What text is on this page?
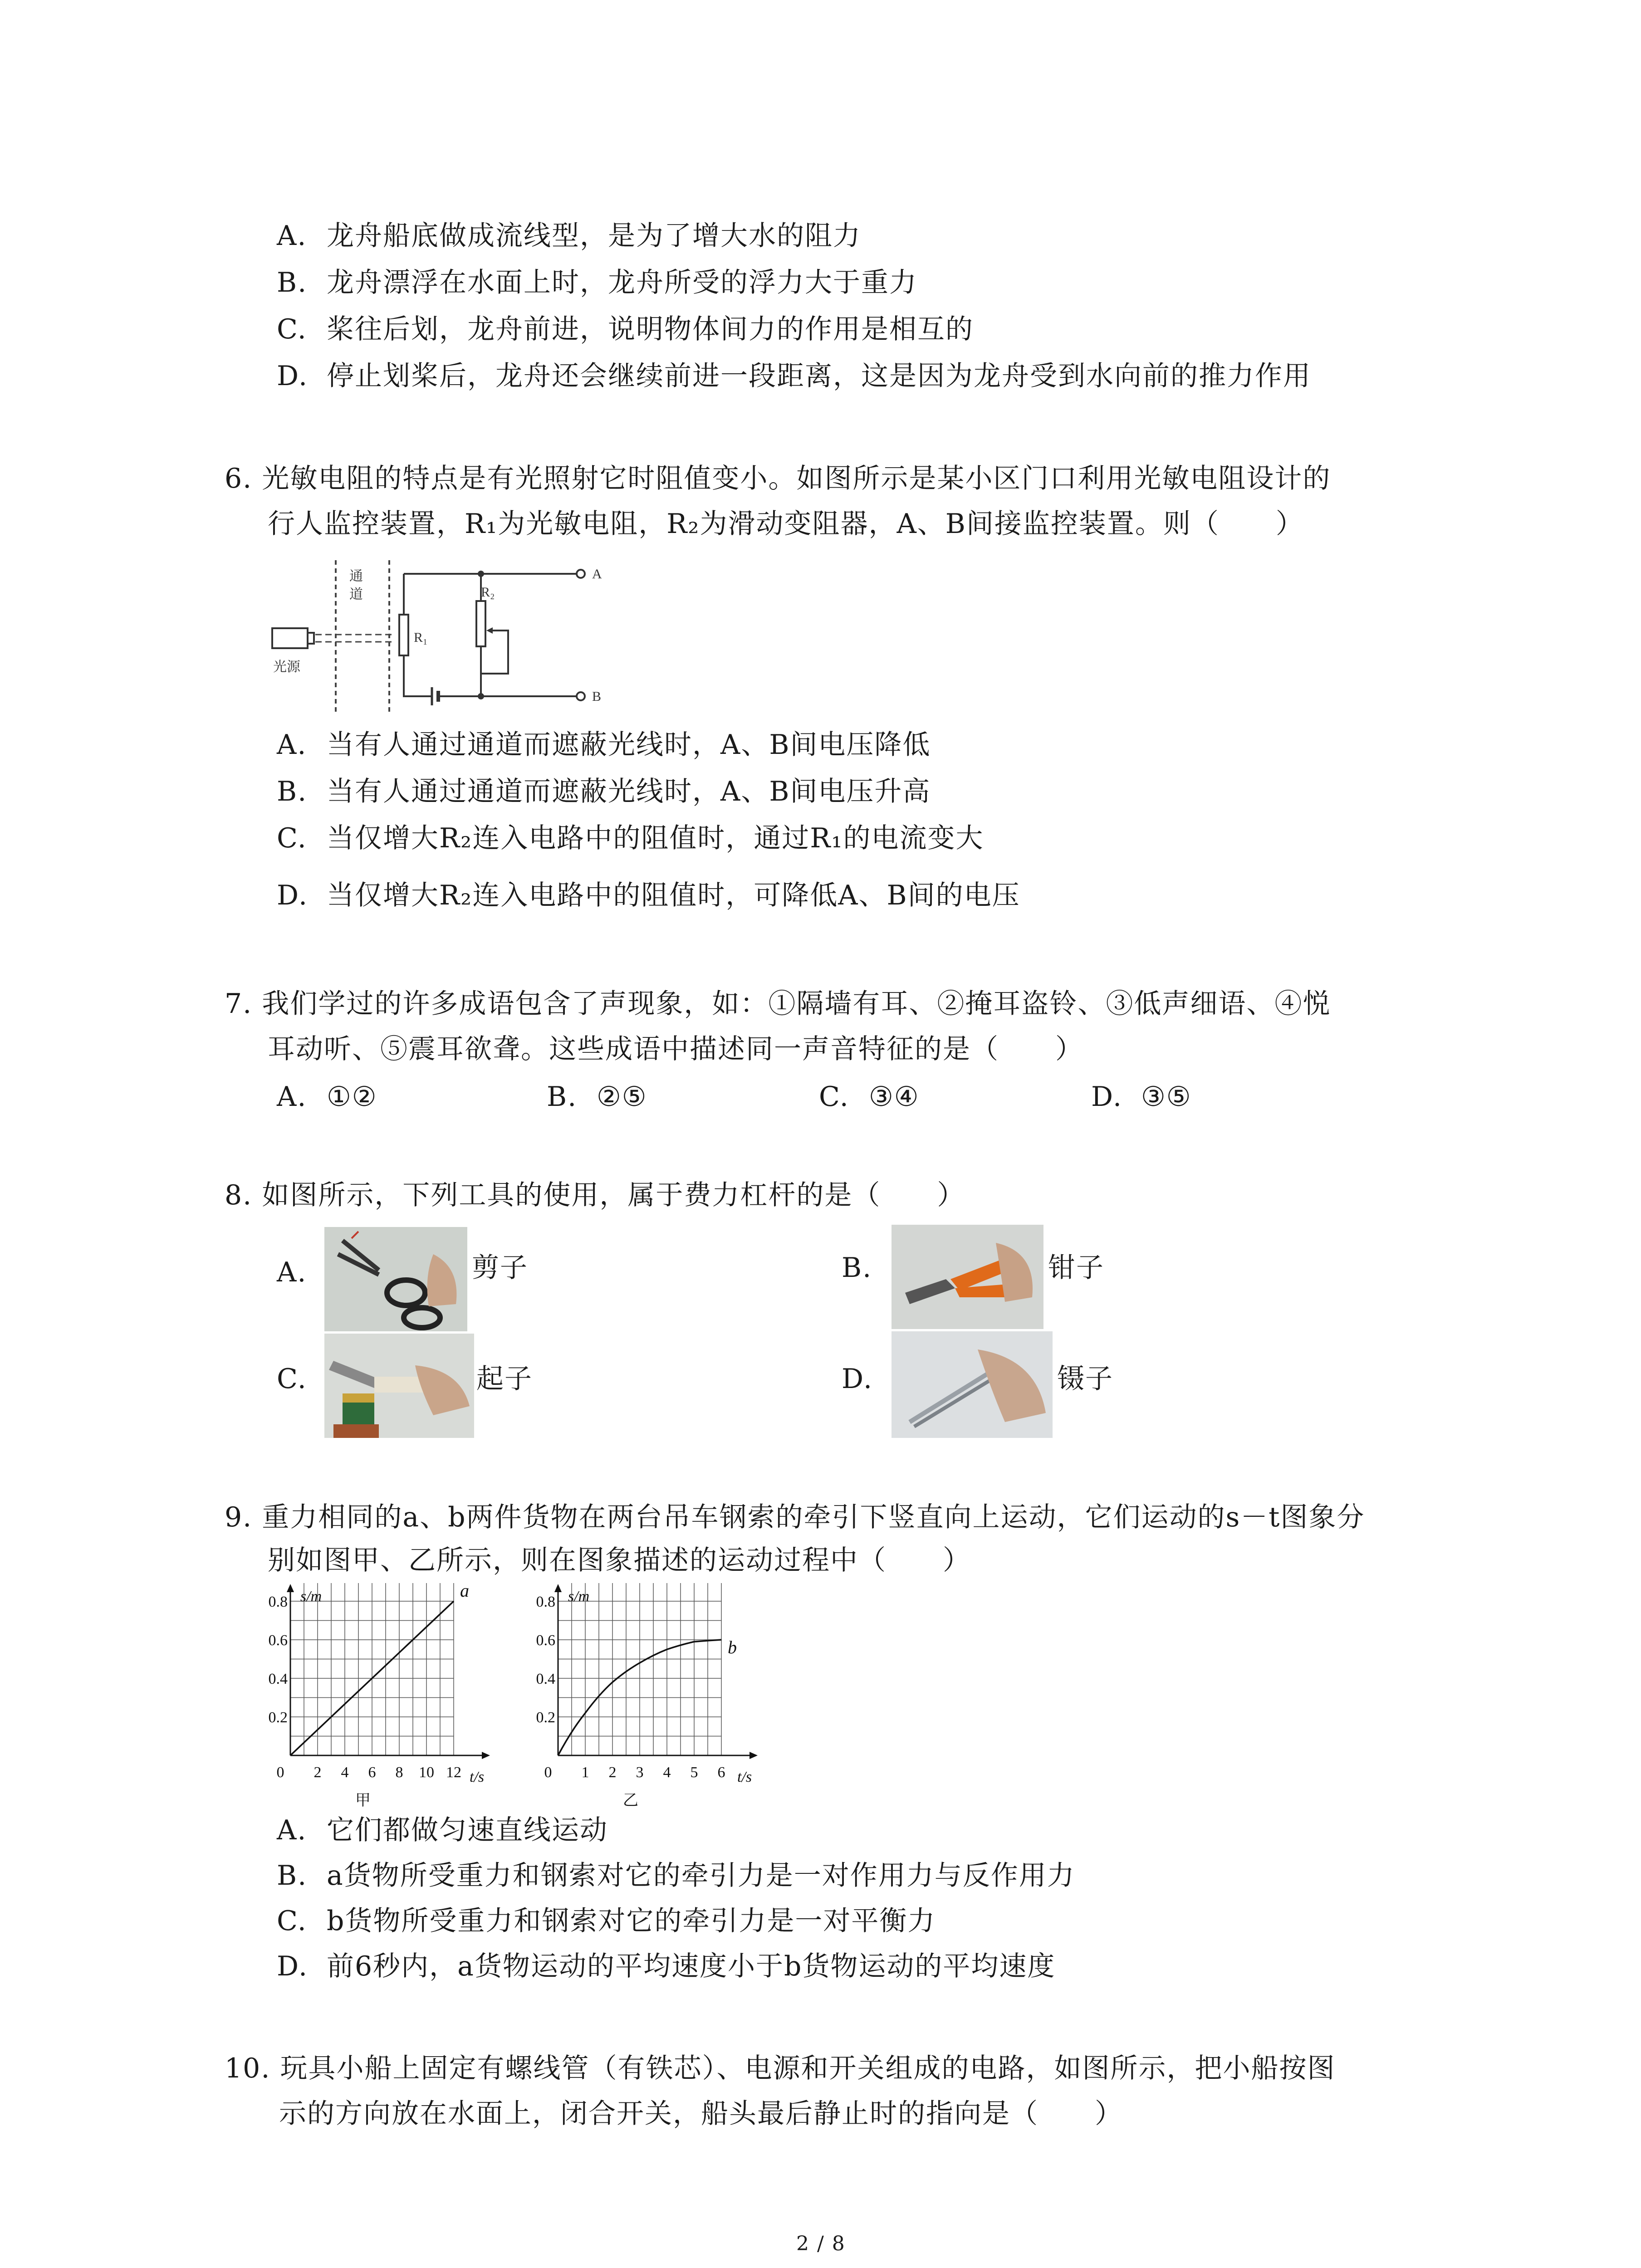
A. 龙舟船底做成流线型，是为了增大水的阻力
B. 龙舟漂浮在水面上时，龙舟所受的浮力大于重力
C. 桨往后划，龙舟前进，说明物体间力的作用是相互的
D. 停止划桨后，龙舟还会继续前进一段距离，这是因为龙舟受到水向前的推力作用
6. 光敏电阻的特点是有光照射它时阻值变小。如图所示是某小区门口利用光敏电阻设计的
行人监控装置，R₁为光敏电阻，R₂为滑动变阻器，A、B间接监控装置。则（　　）
通
道
光源
R₁
R₂
A
B
A. 当有人通过通道而遮蔽光线时，A、B间电压降低
B. 当有人通过通道而遮蔽光线时，A、B间电压升高
C. 当仅增大R₂连入电路中的阻值时，通过R₁的电流变大
D. 当仅增大R₂连入电路中的阻值时，可降低A、B间的电压
7. 我们学过的许多成语包含了声现象，如：①隔墙有耳、②掩耳盗铃、③低声细语、④悦
耳动听、⑤震耳欲聋。这些成语中描述同一声音特征的是（　　）
A. ①②	B. ②⑤	C. ③④	D. ③⑤
8. 如图所示，下列工具的使用，属于费力杠杆的是（　　）
A.	剪子	B.	钳子
C.	起子	D.	镊子
9. 重力相同的a、b两件货物在两台吊车钢索的牵引下竖直向上运动，它们运动的s－t图象分
别如图甲、乙所示，则在图象描述的运动过程中（　　）
0.2
0.4
0.6
0.8
2 4 6 8 10 12
0
s/m
t/s
甲
a
0.2
0.4
0.6
0.8
1 2 3 4 5 6
0
s/m
t/s
乙
b
A. 它们都做匀速直线运动
B. a货物所受重力和钢索对它的牵引力是一对作用力与反作用力
C. b货物所受重力和钢索对它的牵引力是一对平衡力
D. 前6秒内，a货物运动的平均速度小于b货物运动的平均速度
10. 玩具小船上固定有螺线管（有铁芯）、电源和开关组成的电路，如图所示，把小船按图
示的方向放在水面上，闭合开关，船头最后静止时的指向是（　　）
2 / 8
